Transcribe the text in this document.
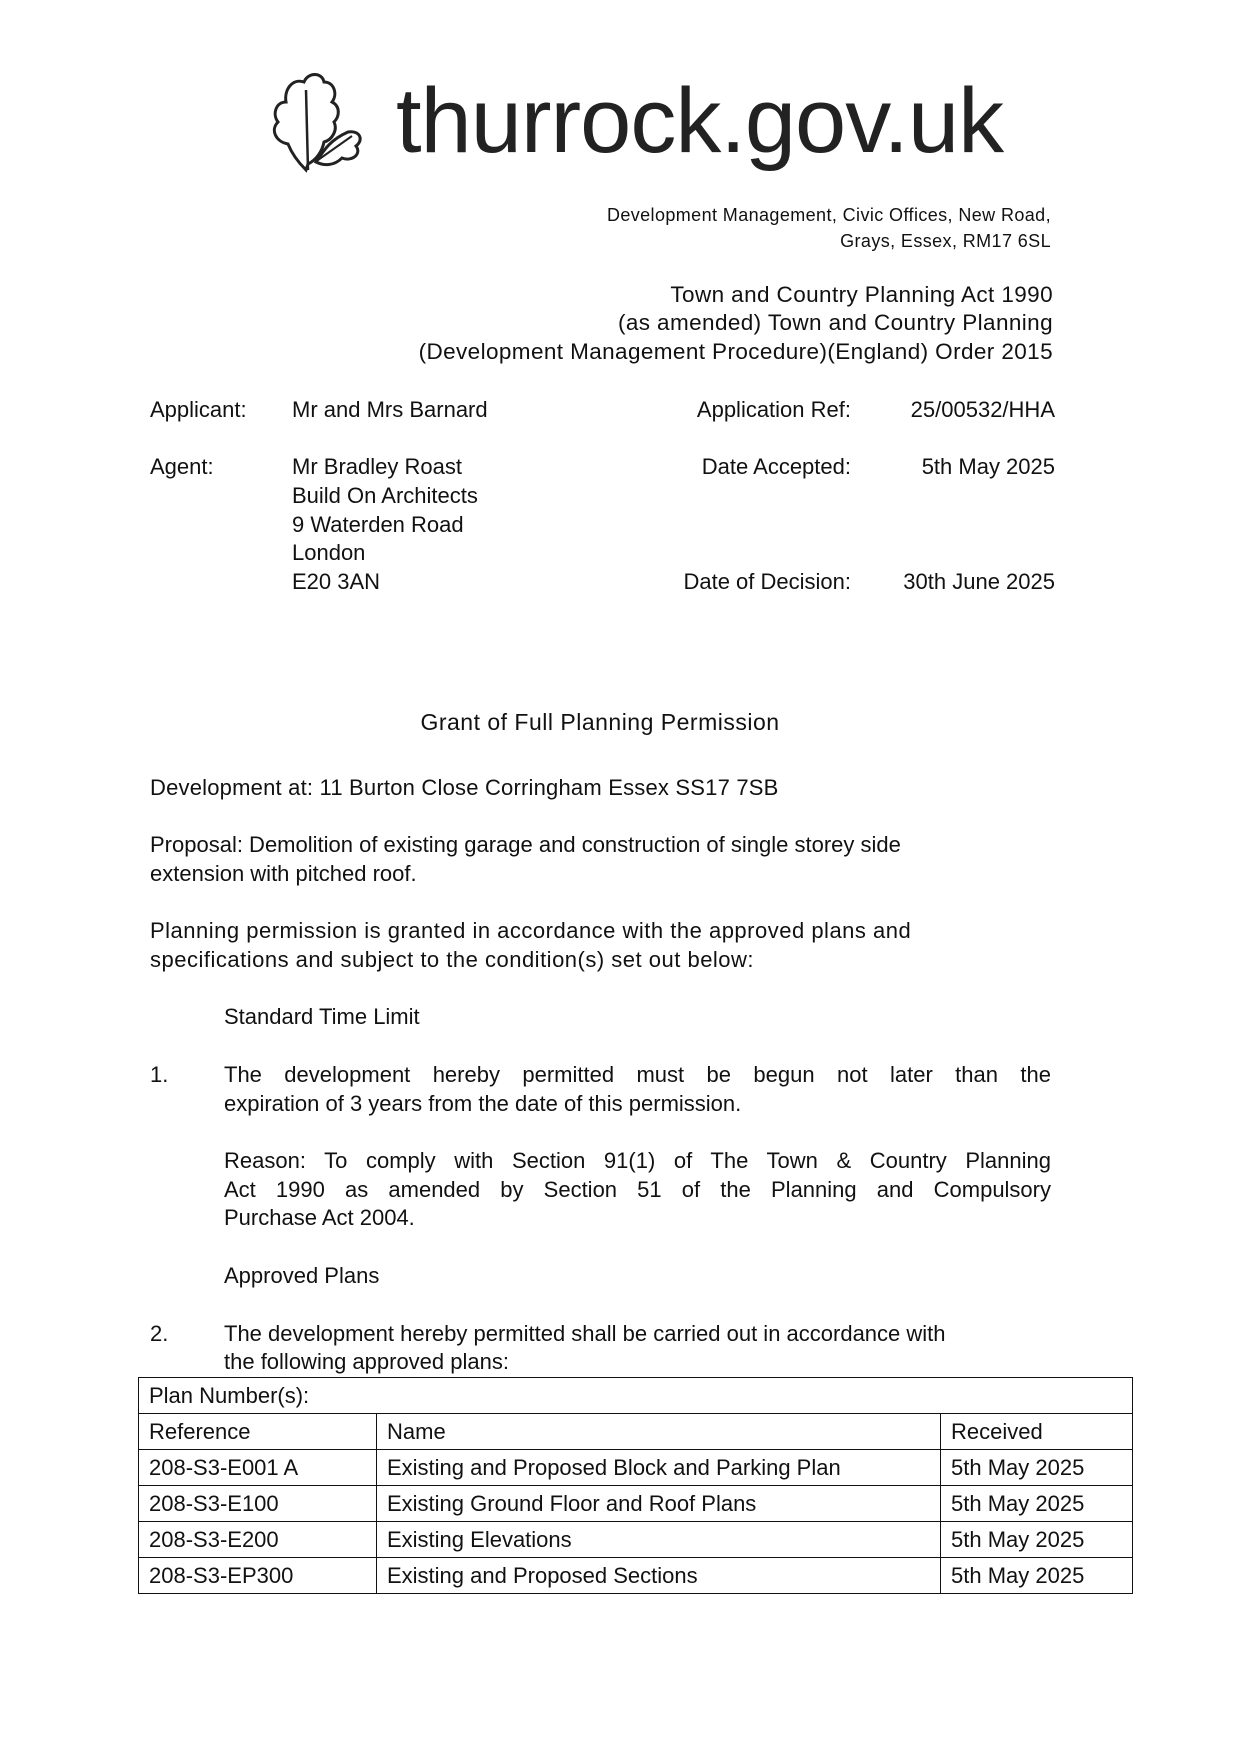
thurrock.gov.uk
Development Management, Civic Offices, New Road,
Grays, Essex, RM17 6SL
Town and Country Planning Act 1990
(as amended) Town and Country Planning
(Development Management Procedure)(England) Order 2015
Applicant: Mr and Mrs Barnard	Application Ref:	25/00532/HHA
Agent:	Mr Bradley Roast
Build On Architects
9 Waterden Road
London
E20 3AN
Date Accepted:	5th May 2025
Date of Decision: 30th June 2025
Grant of Full Planning Permission
Development at: 11 Burton Close Corringham Essex SS17 7SB
Proposal: Demolition of existing garage and construction of single storey side
extension with pitched roof.
Planning permission is granted in accordance with the approved plans and
specifications and subject to the condition(s) set out below:
Standard Time Limit
1.	The development hereby permitted must be begun not later than the
expiration of 3 years from the date of this permission.
Reason: To comply with Section 91(1) of The Town & Country Planning
Act 1990 as amended by Section 51 of the Planning and Compulsory
Purchase Act 2004.
Approved Plans
2.	The development hereby permitted shall be carried out in accordance with
the following approved plans:
Plan Number(s):		
Reference	Name	Received
208-S3-E001 A	Existing and Proposed Block and Parking Plan	5th May 2025
208-S3-E100	Existing Ground Floor and Roof Plans	5th May 2025
208-S3-E200	Existing Elevations	5th May 2025
208-S3-EP300	Existing and Proposed Sections	5th May 2025
